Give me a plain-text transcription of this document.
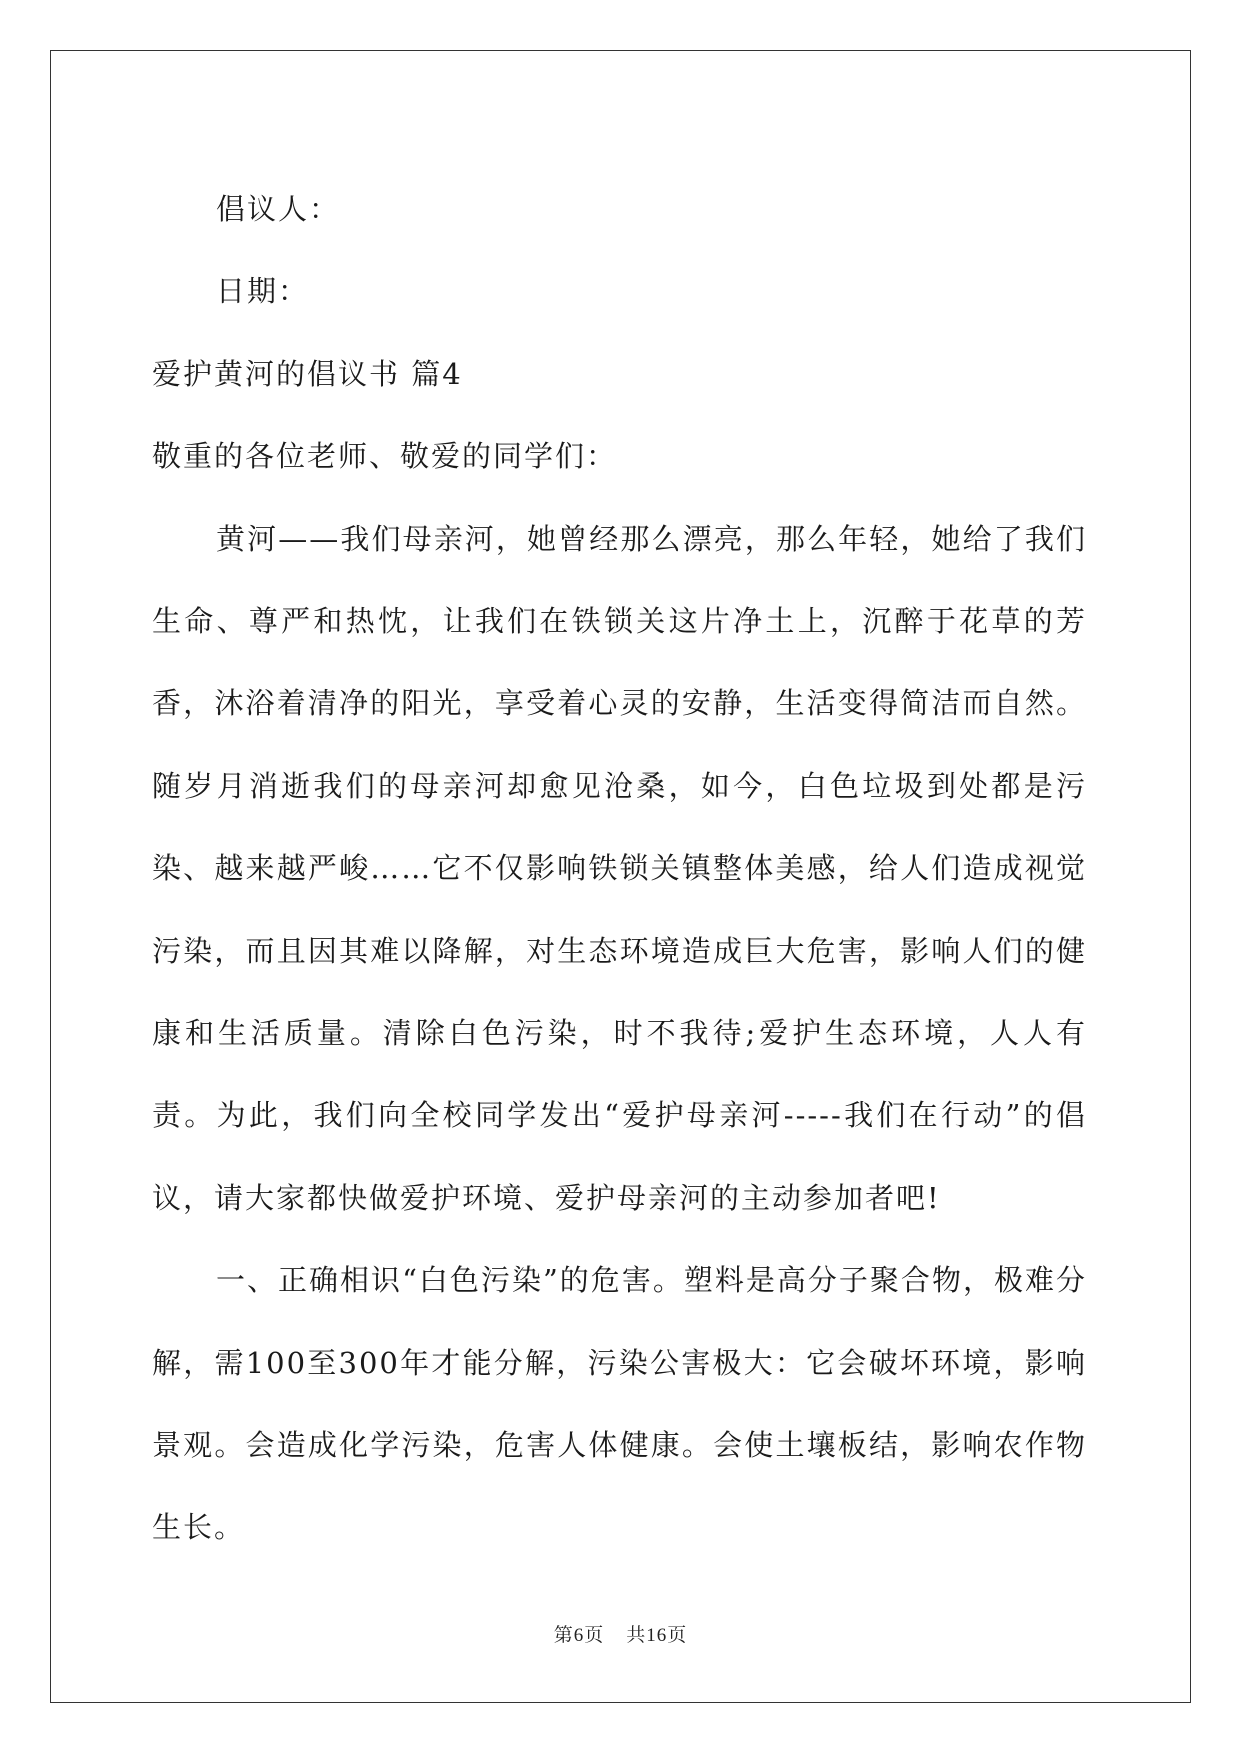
倡议人：
日期：
爱护黄河的倡议书 篇4
敬重的各位老师、敬爱的同学们：

黄河——我们母亲河，她曾经那么漂亮，那么年轻，她给了我们生命、尊严和热忱，让我们在铁锁关这片净土上，沉醉于花草的芳香，沐浴着清净的阳光，享受着心灵的安静，生活变得简洁而自然。随岁月消逝我们的母亲河却愈见沧桑，如今，白色垃圾到处都是污染、越来越严峻……它不仅影响铁锁关镇整体美感，给人们造成视觉污染，而且因其难以降解，对生态环境造成巨大危害，影响人们的健康和生活质量。清除白色污染，时不我待;爱护生态环境，人人有责。为此，我们向全校同学发出“爱护母亲河-----我们在行动”的倡议，请大家都快做爱护环境、爱护母亲河的主动参加者吧!

一、正确相识“白色污染”的危害。塑料是高分子聚合物，极难分解，需100至300年才能分解，污染公害极大：它会破坏环境，影响景观。会造成化学污染，危害人体健康。会使土壤板结，影响农作物生长。

第6页 共16页
